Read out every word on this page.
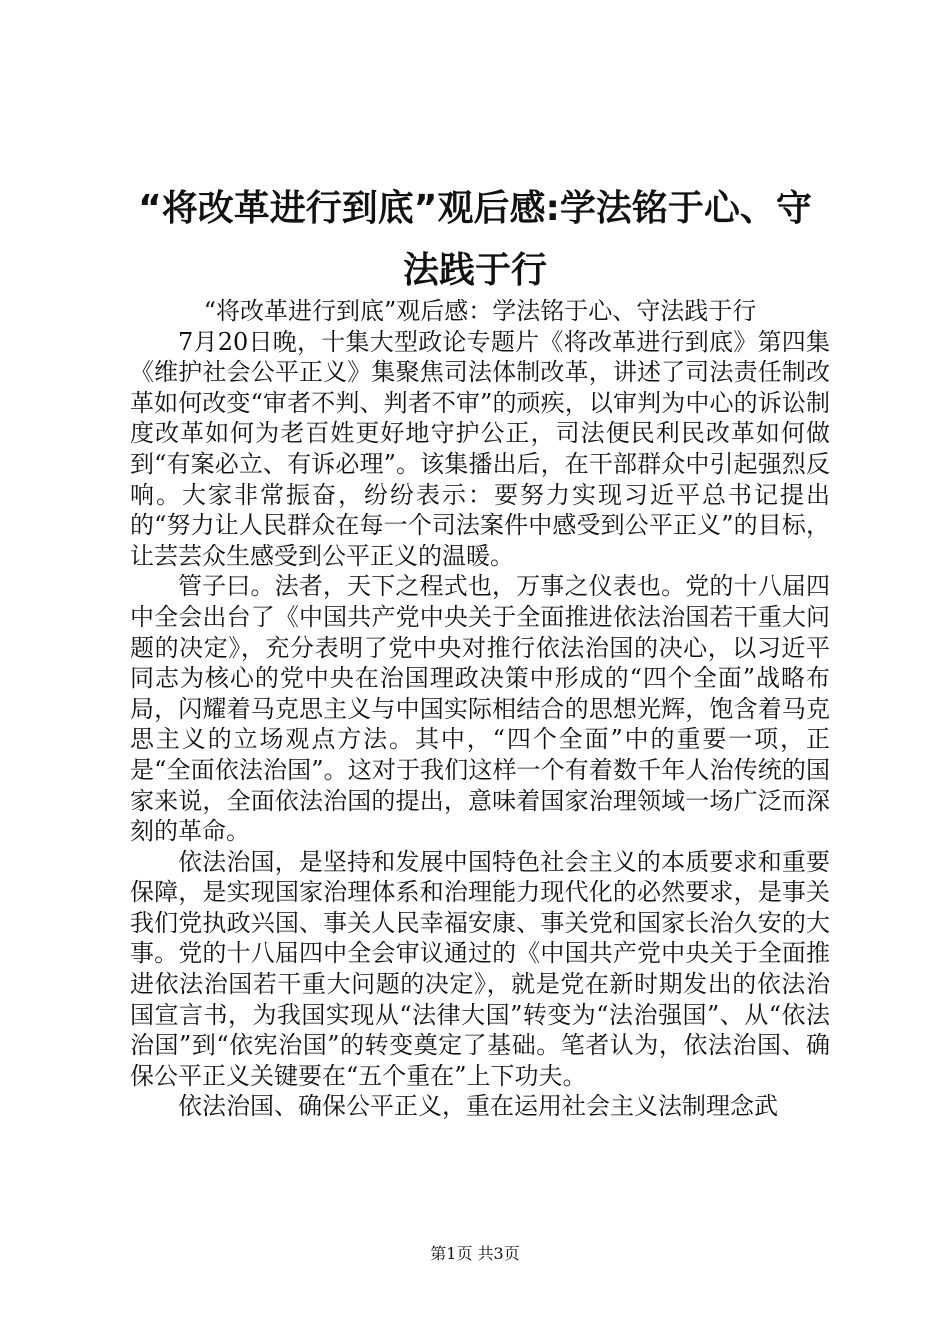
“将改革进行到底”观后感:学法铭于心、守法践于行

“将改革进行到底”观后感：学法铭于心、守法践于行

7月20日晚，十集大型政论专题片《将改革进行到底》第四集《维护社会公平正义》集聚焦司法体制改革，讲述了司法责任制改革如何改变“审者不判、判者不审”的顽疾，以审判为中心的诉讼制度改革如何为老百姓更好地守护公正，司法便民利民改革如何做到“有案必立、有诉必理”。该集播出后，在干部群众中引起强烈反响。大家非常振奋，纷纷表示：要努力实现习近平总书记提出的“努力让人民群众在每一个司法案件中感受到公平正义”的目标，让芸芸众生感受到公平正义的温暖。

管子曰。法者，天下之程式也，万事之仪表也。党的十八届四中全会出台了《中国共产党中央关于全面推进依法治国若干重大问题的决定》，充分表明了党中央对推行依法治国的决心，以习近平同志为核心的党中央在治国理政决策中形成的“四个全面”战略布局，闪耀着马克思主义与中国实际相结合的思想光辉，饱含着马克思主义的立场观点方法。其中，“四个全面”中的重要一项，正是“全面依法治国”。这对于我们这样一个有着数千年人治传统的国家来说，全面依法治国的提出，意味着国家治理领域一场广泛而深刻的革命。

依法治国，是坚持和发展中国特色社会主义的本质要求和重要保障，是实现国家治理体系和治理能力现代化的必然要求，是事关我们党执政兴国、事关人民幸福安康、事关党和国家长治久安的大事。党的十八届四中全会审议通过的《中国共产党中央关于全面推进依法治国若干重大问题的决定》，就是党在新时期发出的依法治国宣言书，为我国实现从“法律大国”转变为“法治强国”、从“依法治国”到“依宪治国”的转变奠定了基础。笔者认为，依法治国、确保公平正义关键要在“五个重在”上下功夫。

依法治国、确保公平正义，重在运用社会主义法制理念武

第1页 共3页
